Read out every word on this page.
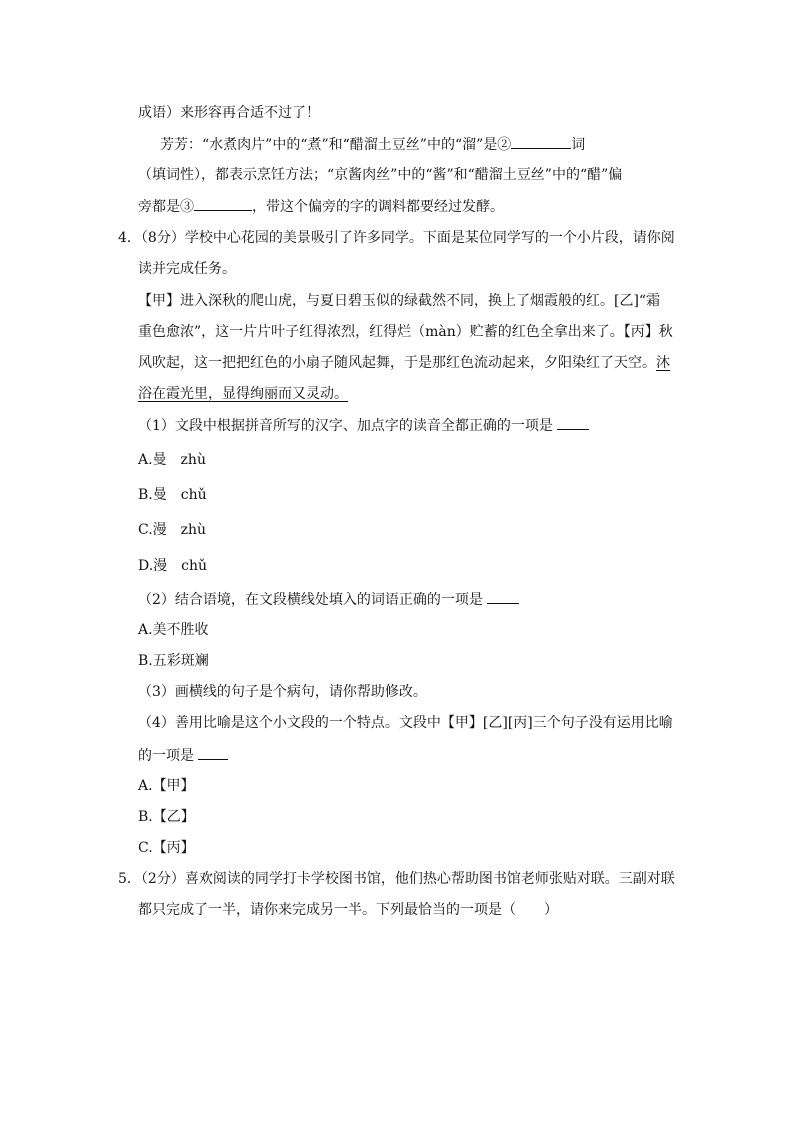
成语）来形容再合适不过了！
芳芳：“水煮肉片”中的“煮”和“醋溜土豆丝”中的“溜”是②	词
（填词性），都表示烹饪方法；“京酱肉丝”中的“酱”和“醋溜土豆丝”中的“醋”偏
旁都是③	，带这个偏旁的字的调料都要经过发酵。
4．（8分）学校中心花园的美景吸引了许多同学。下面是某位同学写的一个小片段，请你阅
读并完成任务。
【甲】进入深秋的爬山虎，与夏日碧玉似的绿截然不同，换上了烟霞般的红。[乙]“霜
重色愈浓”，这一片片叶子红得浓烈，红得烂（màn）贮蓄的红色全拿出来了。【丙】秋
风吹起，这一把把红色的小扇子随风起舞，于是那红色流动起来，夕阳染红了天空。沐
浴在霞光里，显得绚丽而又灵动。
（1）文段中根据拼音所写的汉字、加点字的读音全都正确的一项是
A.曼　zhù
B.曼　chǔ
C.漫　zhù
D.漫　chǔ
（2）结合语境，在文段横线处填入的词语正确的一项是
A.美不胜收
B.五彩斑斓
（3）画横线的句子是个病句，请你帮助修改。
（4）善用比喻是这个小文段的一个特点。文段中【甲】[乙][丙]三个句子没有运用比喻
的一项是
A.【甲】
B.【乙】
C.【丙】
5．（2分）喜欢阅读的同学打卡学校图书馆，他们热心帮助图书馆老师张贴对联。三副对联
都只完成了一半，请你来完成另一半。下列最恰当的一项是（　　）
